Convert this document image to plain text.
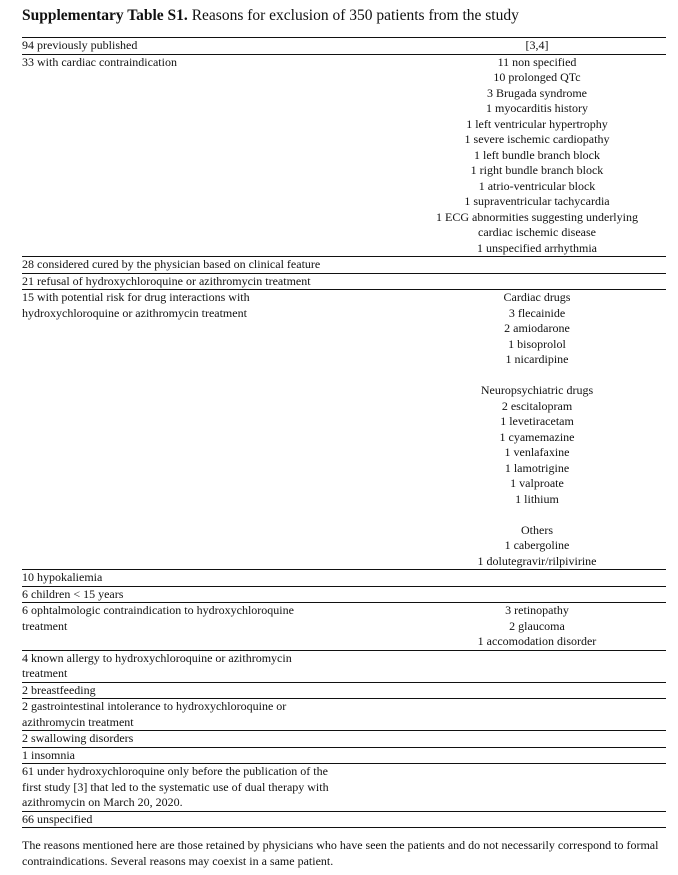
Supplementary Table S1. Reasons for exclusion of 350 patients from the study
94 previously published	[3,4]
33 with cardiac contraindication	11 non specified
10 prolonged QTc
3 Brugada syndrome
1 myocarditis history
1 left ventricular hypertrophy
1 severe ischemic cardiopathy
1 left bundle branch block
1 right bundle branch block
1 atrio-ventricular block
1 supraventricular tachycardia
1 ECG abnormities suggesting underlying
cardiac ischemic disease
1 unspecified arrhythmia
28 considered cured by the physician based on clinical feature
21 refusal of hydroxychloroquine or azithromycin treatment
15 with potential risk for drug interactions with
hydroxychloroquine or azithromycin treatment
Cardiac drugs
3 flecainide
2 amiodarone
1 bisoprolol
1 nicardipine
Neuropsychiatric drugs
2 escitalopram
1 levetiracetam
1 cyamemazine
1 venlafaxine
1 lamotrigine
1 valproate
1 lithium
Others
1 cabergoline
1 dolutegravir/rilpivirine
10 hypokaliemia
6 children < 15 years
6 ophtalmologic contraindication to hydroxychloroquine
treatment
3 retinopathy
2 glaucoma
1 accomodation disorder
4 known allergy to hydroxychloroquine or azithromycin
treatment
2 breastfeeding
2 gastrointestinal intolerance to hydroxychloroquine or
azithromycin treatment
2 swallowing disorders
1 insomnia
61 under hydroxychloroquine only before the publication of the
first study [3] that led to the systematic use of dual therapy with
azithromycin on March 20, 2020.
66 unspecified
The reasons mentioned here are those retained by physicians who have seen the patients and do not necessarily correspond to formal contraindications. Several reasons may coexist in a same patient.
